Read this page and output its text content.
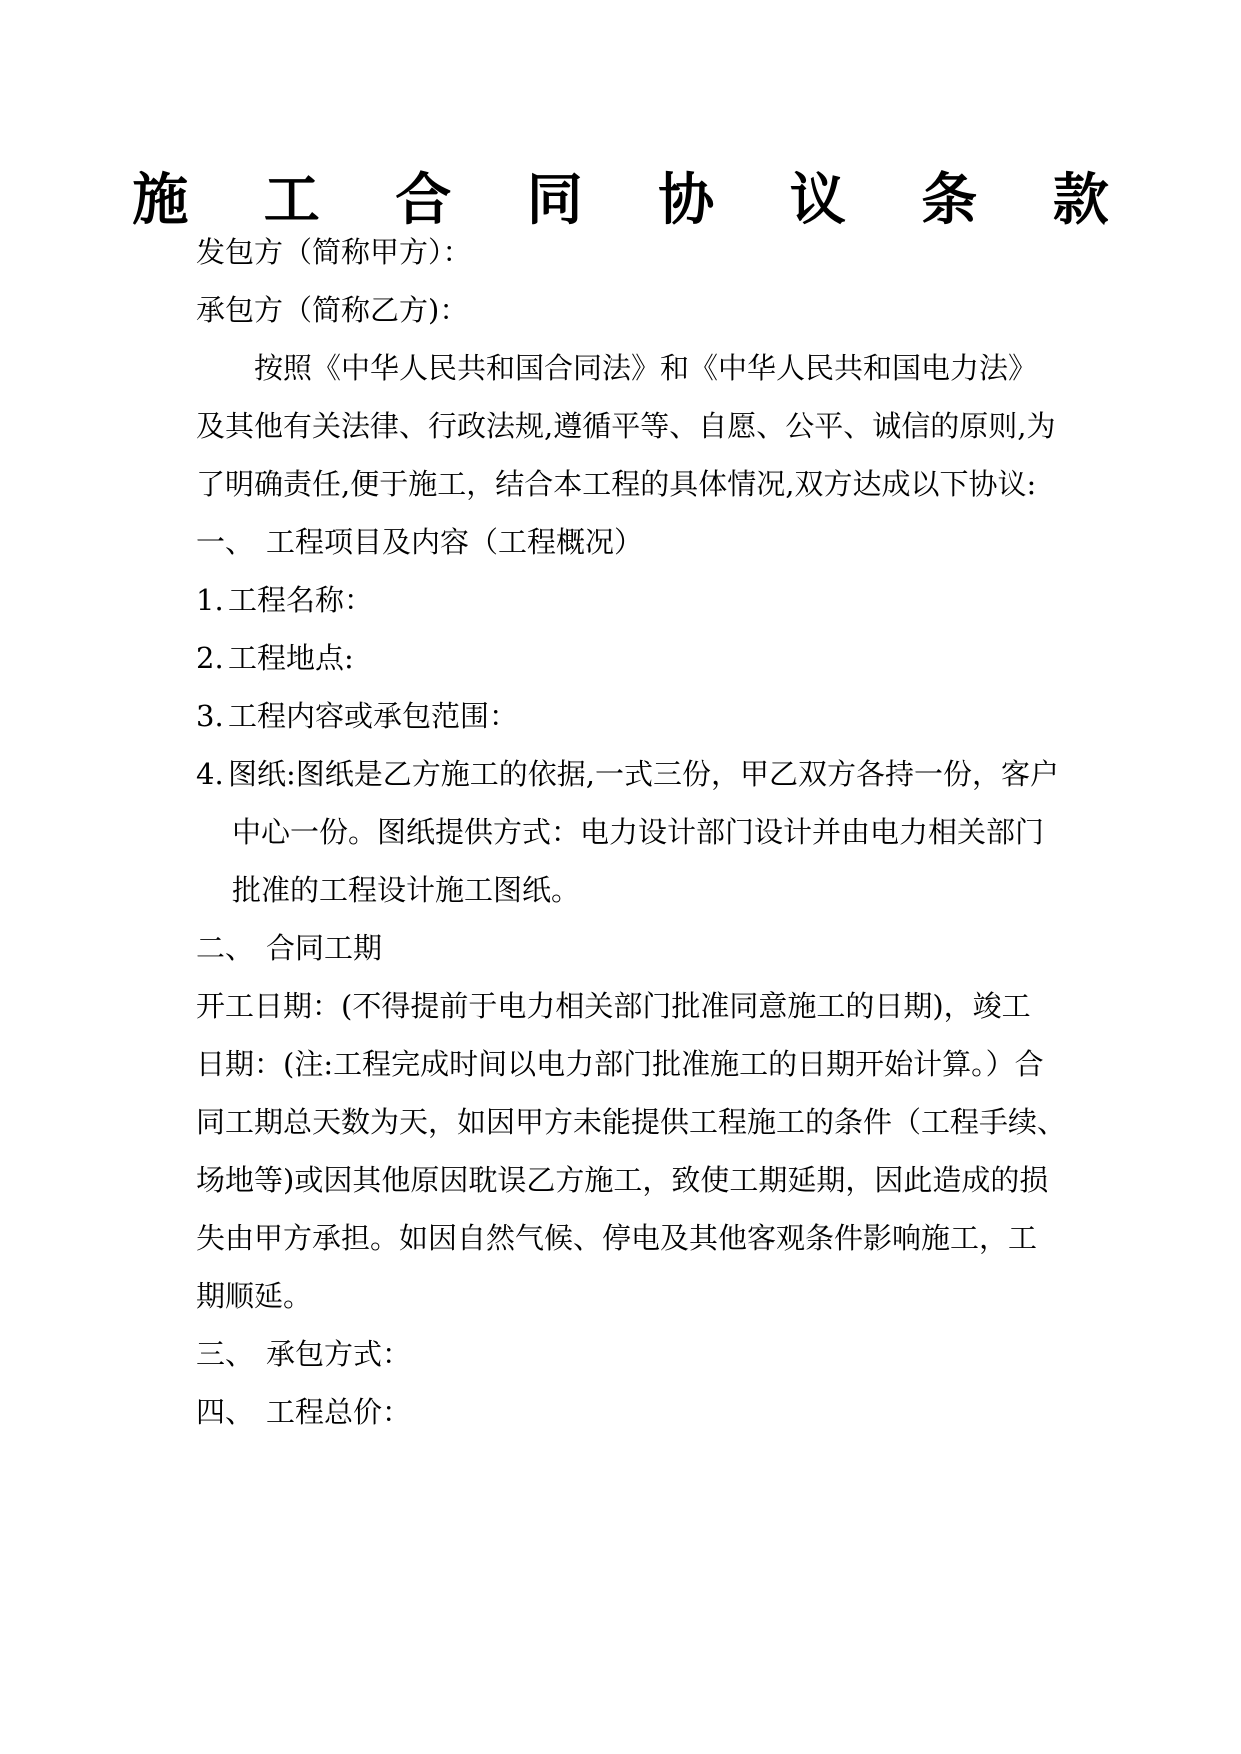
施 工 合 同 协 议 条 款
发包方（简称甲方）：
承包方（简称乙方)：
按照《中华人民共和国合同法》和《中华人民共和国电力法》
及其他有关法律、行政法规,遵循平等、自愿、公平、诚信的原则,为
了明确责任,便于施工，结合本工程的具体情况,双方达成以下协议:
一、 工程项目及内容（工程概况）
1. 工程名称：
2. 工程地点:
3. 工程内容或承包范围：
4. 图纸:图纸是乙方施工的依据,一式三份，甲乙双方各持一份，客户
中心一份。图纸提供方式：电力设计部门设计并由电力相关部门
批准的工程设计施工图纸。
二、 合同工期
开工日期：(不得提前于电力相关部门批准同意施工的日期)，竣工
日期：(注:工程完成时间以电力部门批准施工的日期开始计算。）合
同工期总天数为天，如因甲方未能提供工程施工的条件（工程手续、
场地等)或因其他原因耽误乙方施工，致使工期延期，因此造成的损
失由甲方承担。如因自然气候、停电及其他客观条件影响施工，工
期顺延。
三、 承包方式：
四、 工程总价：
